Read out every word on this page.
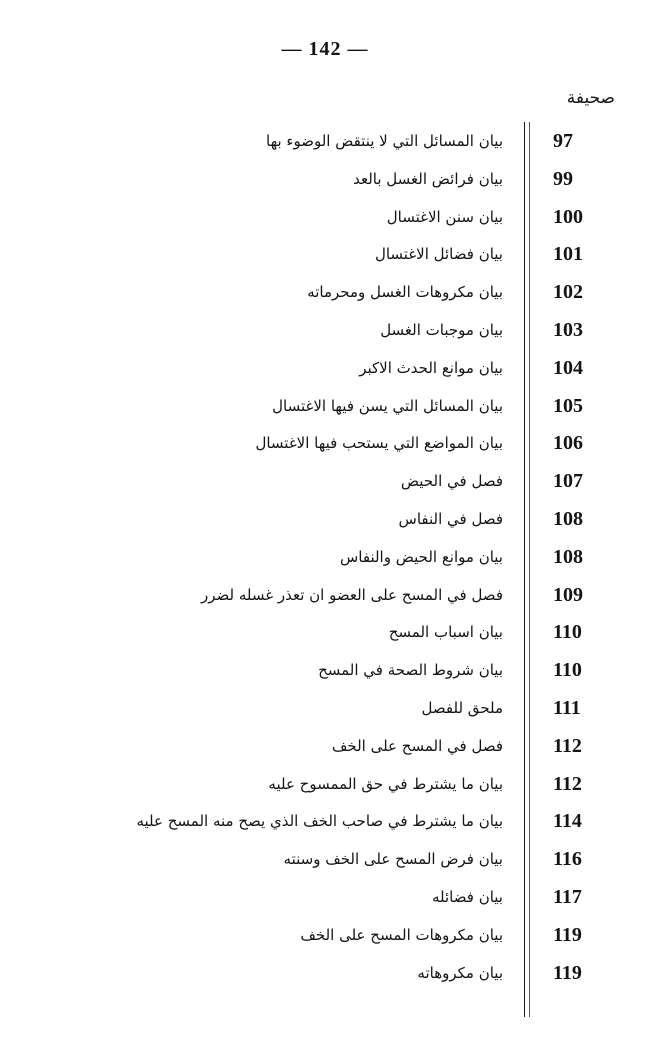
— 142 —
صحيفة
97
بيان المسائل التي لا ينتقض الوضوء بها
99
بيان فرائض الغسل بالعد
100
بيان سنن الاغتسال
101
بيان فضائل الاغتسال
102
بيان مكروهات الغسل ومحرماته
103
بيان موجبات الغسل
104
بيان موانع الحدث الاكبر
105
بيان المسائل التي يسن فيها الاغتسال
106
بيان المواضع التي يستحب فيها الاغتسال
107
فصل في الحيض
108
فصل في النفاس
108
بيان موانع الحيض والنفاس
109
فصل في المسح على العضو ان تعذر غسله لضرر
110
بيان اسباب المسح
110
بيان شروط الصحة في المسح
111
ملحق للفصل
112
فصل في المسح على الخف
112
بيان ما يشترط في حق الممسوح عليه
114
بيان ما يشترط في صاحب الخف الذي يصح منه المسح عليه
116
بيان فرض المسح على الخف وسنته
117
بيان فضائله
119
بيان مكروهات المسح على الخف
119
بيان مكروهاته
